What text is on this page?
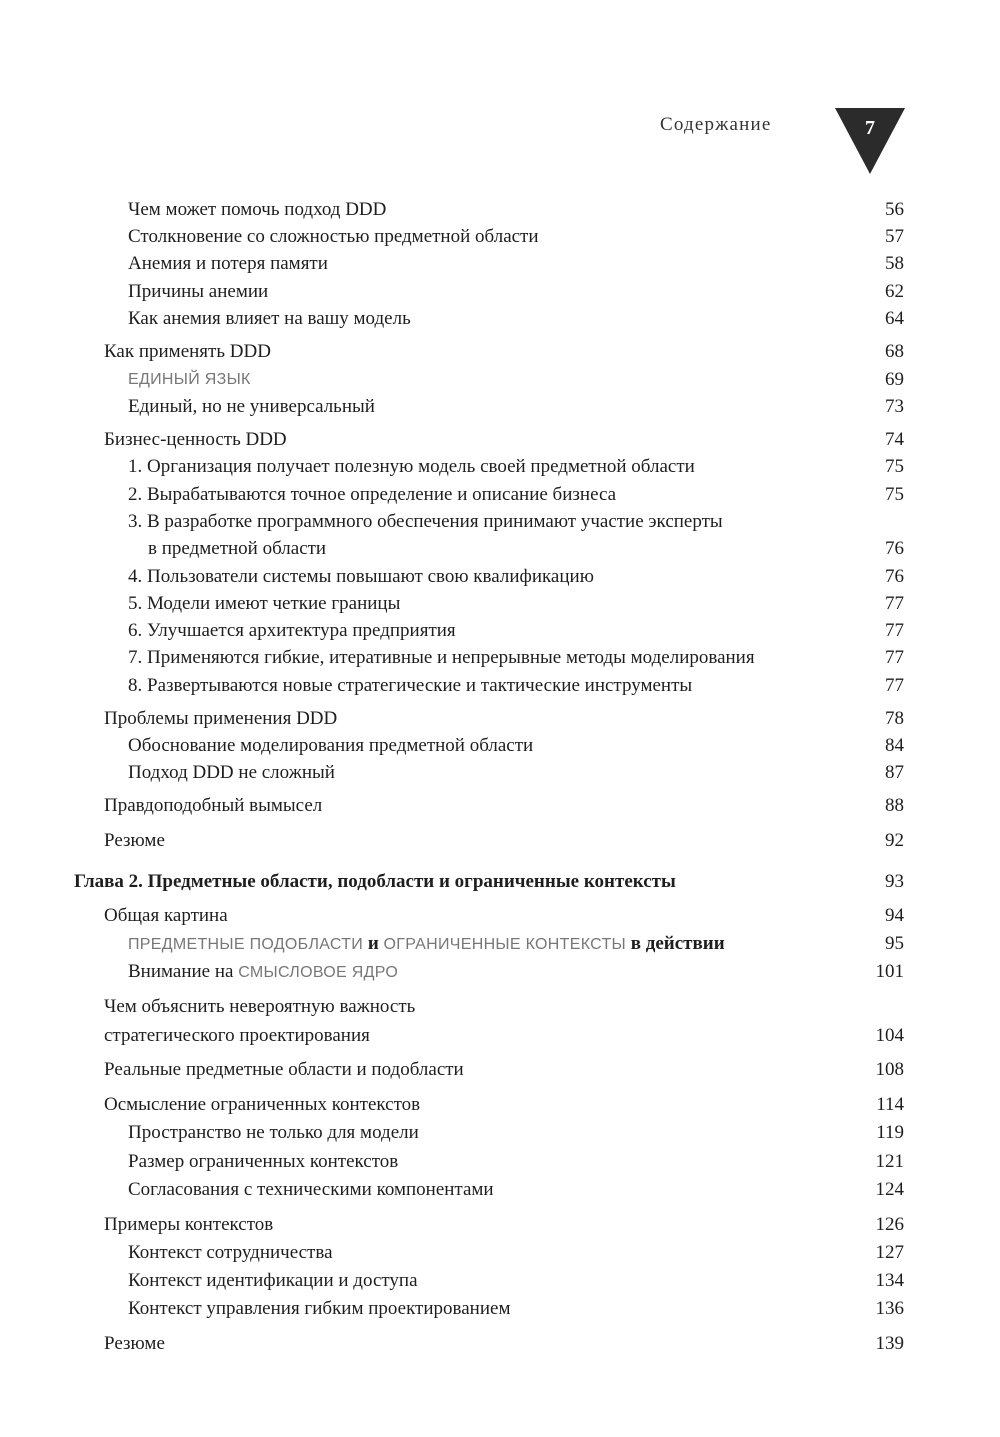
Содержание	7
Чем может помочь подход DDD	56
Столкновение со сложностью предметной области	57
Анемия и потеря памяти	58
Причины анемии	62
Как анемия влияет на вашу модель	64
Как применять DDD	68
ЕДИНЫЙ ЯЗЫК	69
Единый, но не универсальный	73
Бизнес-ценность DDD	74
1. Организация получает полезную модель своей предметной области	75
2. Вырабатываются точное определение и описание бизнеса	75
3. В разработке программного обеспечения принимают участие эксперты
в предметной области	76
4. Пользователи системы повышают свою квалификацию	76
5. Модели имеют четкие границы	77
6. Улучшается архитектура предприятия	77
7. Применяются гибкие, итеративные и непрерывные методы моделирования	77
8. Развертываются новые стратегические и тактические инструменты	77
Проблемы применения DDD	78
Обоснование моделирования предметной области	84
Подход DDD не сложный	87
Правдоподобный вымысел	88
Резюме	92
Глава 2. Предметные области, подобласти и ограниченные контексты	93
Общая картина	94
ПРЕДМЕТНЫЕ ПОДОБЛАСТИ и ОГРАНИЧЕННЫЕ КОНТЕКСТЫ в действии	95
Внимание на СМЫСЛОВОЕ ЯДРО	101
Чем объяснить невероятную важность
стратегического проектирования	104
Реальные предметные области и подобласти	108
Осмысление ограниченных контекстов	114
Пространство не только для модели	119
Размер ограниченных контекстов	121
Согласования с техническими компонентами	124
Примеры контекстов	126
Контекст сотрудничества	127
Контекст идентификации и доступа	134
Контекст управления гибким проектированием	136
Резюме	139
